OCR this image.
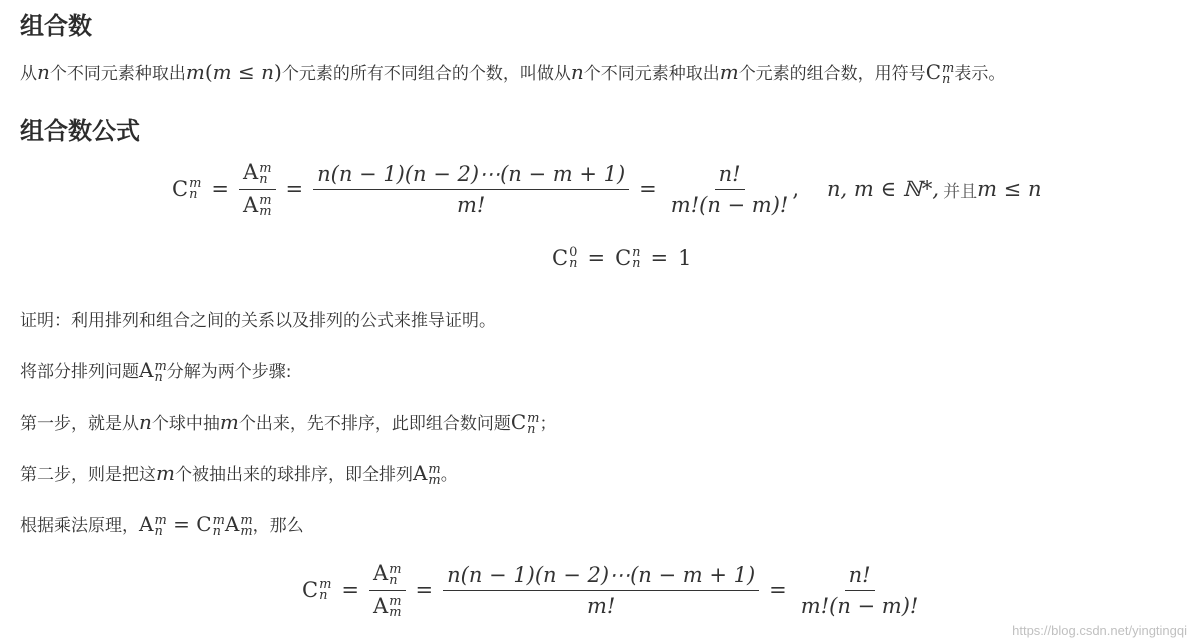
组合数
从n个不同元素种取出m(m ≤ n)个元素的所有不同组合的个数，叫做从n个不同元素种取出m个元素的组合数，用符号C m
n 表示。
组合数公式
C m
n = A m
n
A m
$m = \frac{n(n - 1)(n - 2)\cdots(n - m + 1)}{m!} = \frac{n!}{m!(n - m)!}$ , n, m ∈ ℕ*, 并且 m ≤ n
C 0
n = C n
n = 1
证明：利用排列和组合之间的关系以及排列的公式来推导证明。
将部分排列问题A m
n 分解为两个步骤:
第一步，就是从n个球中抽m个出来，先不排序，此即组合数问题C m
n ；
第二步，则是把这m个被抽出来的球排序，即全排列A m
m 。
根据乘法原理，A m
n = C m
n A m
m ，那么
C m
n = A m
n
A m
$m = \frac{n(n - 1)(n - 2)\cdots(n - m + 1)}{m!} = \frac{n!}{m!(n - m)!}$
https://blog.csdn.net/yingtingqi
